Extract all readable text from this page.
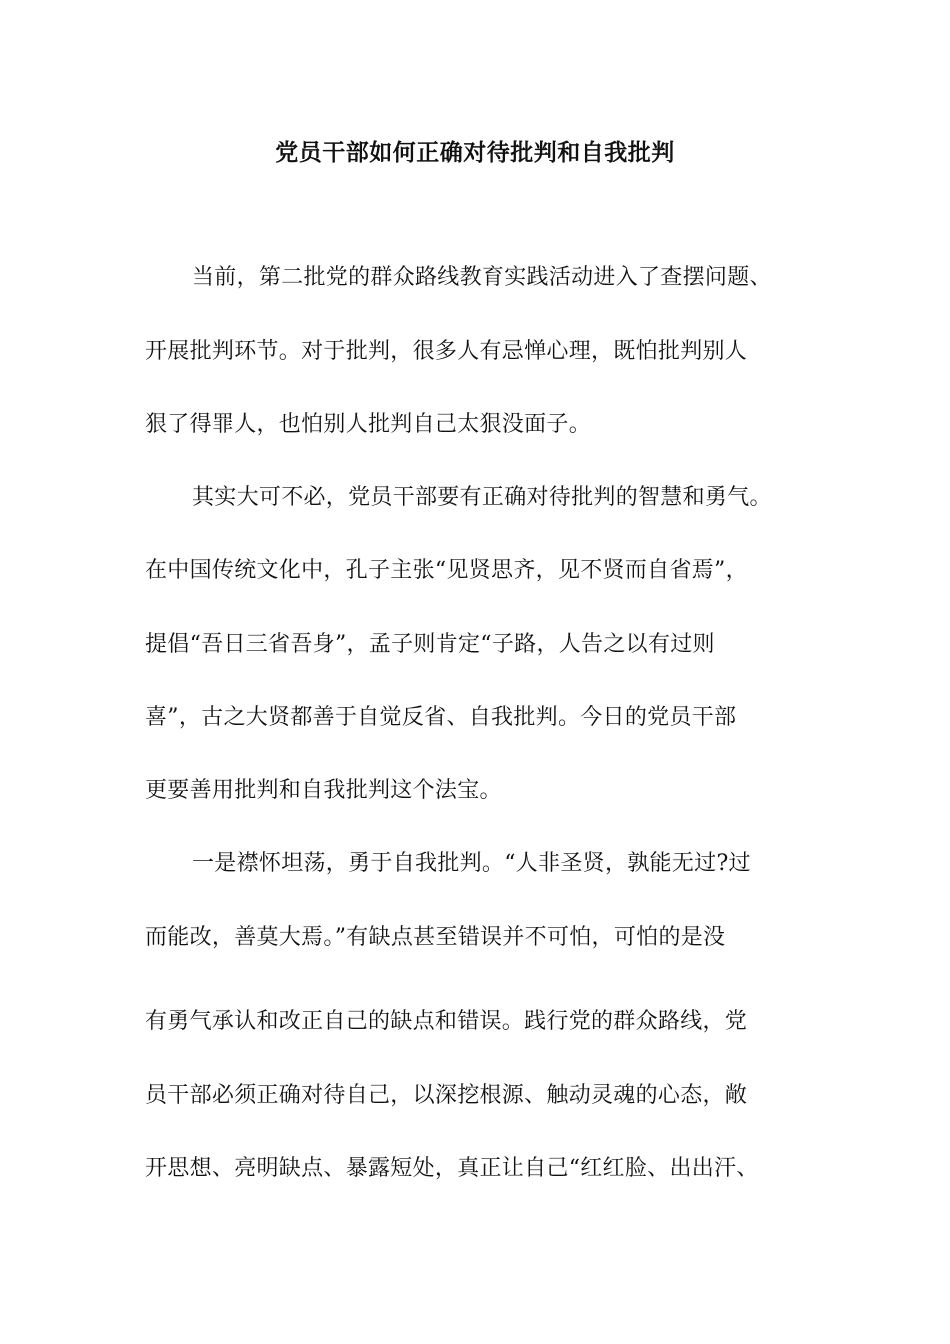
党员干部如何正确对待批判和自我批判
当前，第二批党的群众路线教育实践活动进入了查摆问题、
开展批判环节。对于批判，很多人有忌惮心理，既怕批判别人
狠了得罪人，也怕别人批判自己太狠没面子。
其实大可不必，党员干部要有正确对待批判的智慧和勇气。
在中国传统文化中，孔子主张“见贤思齐，见不贤而自省焉”，
提倡“吾日三省吾身”，孟子则肯定“子路，人告之以有过则
喜”，古之大贤都善于自觉反省、自我批判。今日的党员干部
更要善用批判和自我批判这个法宝。
一是襟怀坦荡，勇于自我批判。“人非圣贤，孰能无过?过
而能改，善莫大焉。”有缺点甚至错误并不可怕，可怕的是没
有勇气承认和改正自己的缺点和错误。践行党的群众路线，党
员干部必须正确对待自己，以深挖根源、触动灵魂的心态，敞
开思想、亮明缺点、暴露短处，真正让自己“红红脸、出出汗、
